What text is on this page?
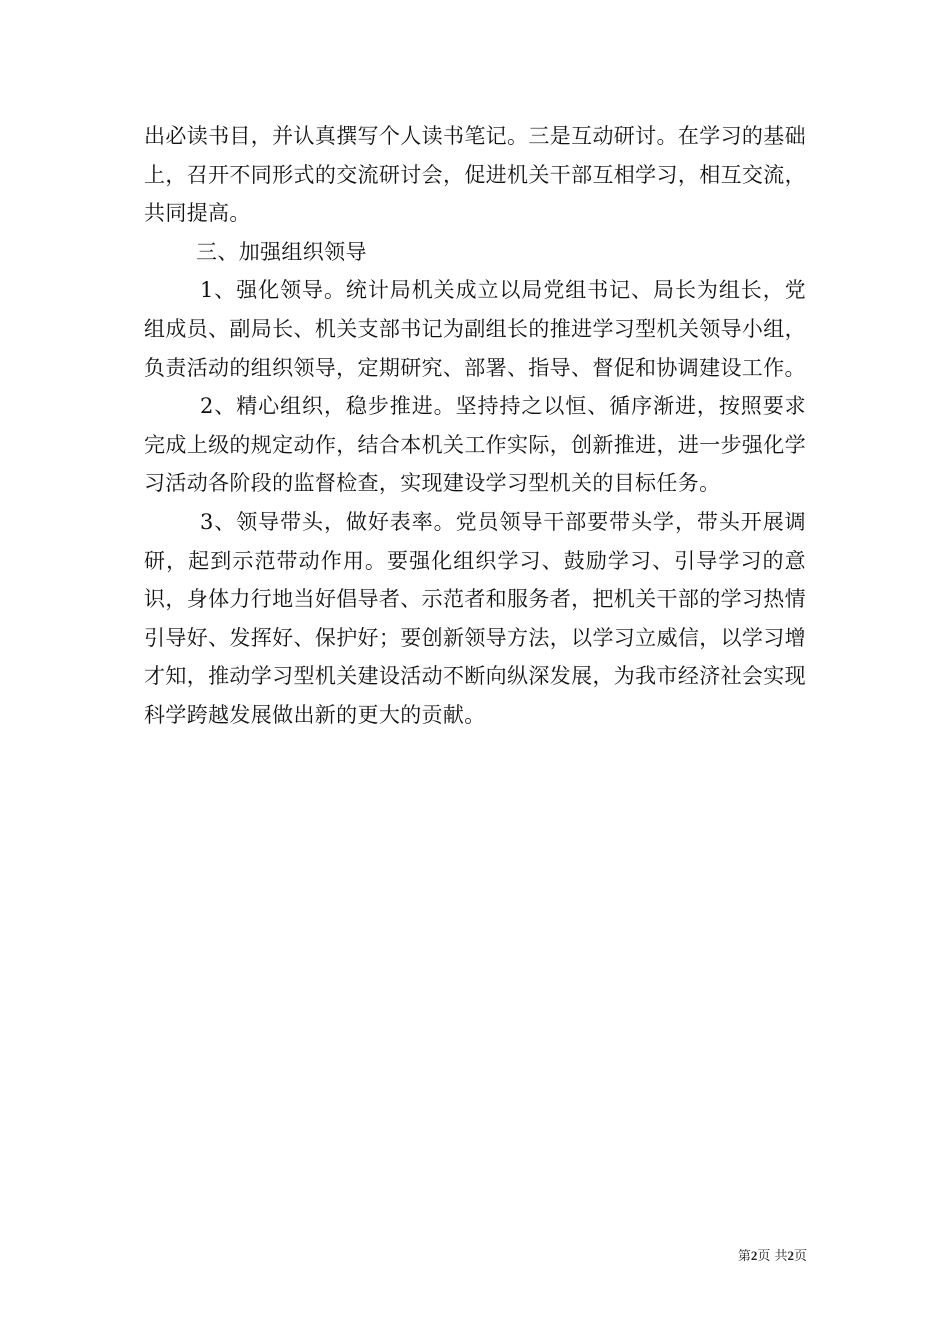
出必读书目，并认真撰写个人读书笔记。三是互动研讨。在学习的基础上，召开不同形式的交流研讨会，促进机关干部互相学习，相互交流，共同提高。

三、加强组织领导

1、强化领导。统计局机关成立以局党组书记、局长为组长，党组成员、副局长、机关支部书记为副组长的推进学习型机关领导小组，负责活动的组织领导，定期研究、部署、指导、督促和协调建设工作。

2、精心组织，稳步推进。坚持持之以恒、循序渐进，按照要求完成上级的规定动作，结合本机关工作实际，创新推进，进一步强化学习活动各阶段的监督检查，实现建设学习型机关的目标任务。

3、领导带头，做好表率。党员领导干部要带头学，带头开展调研，起到示范带动作用。要强化组织学习、鼓励学习、引导学习的意识，身体力行地当好倡导者、示范者和服务者，把机关干部的学习热情引导好、发挥好、保护好；要创新领导方法，以学习立威信，以学习增才知，推动学习型机关建设活动不断向纵深发展，为我市经济社会实现科学跨越发展做出新的更大的贡献。

第2页 共2页
